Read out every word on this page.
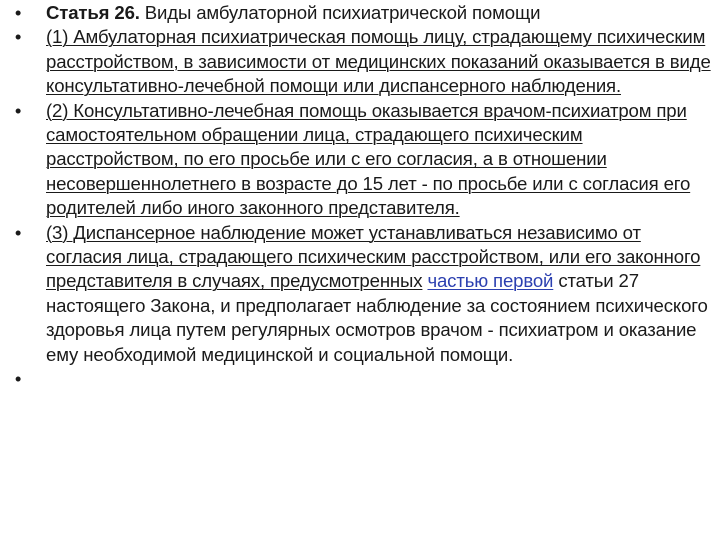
•	Статья 26. Виды амбулаторной психиатрической помощи
•	(1) Амбулаторная психиатрическая помощь лицу, страдающему психическим расстройством, в зависимости от медицинских показаний оказывается в виде консультативно-лечебной помощи или диспансерного наблюдения.
•	(2) Консультативно-лечебная помощь оказывается врачом-психиатром при самостоятельном обращении лица, страдающего психическим расстройством, по его просьбе или с его согласия, а в отношении несовершеннолетнего в возрасте до 15 лет - по просьбе или с согласия его родителей либо иного законного представителя.
•	(3) Диспансерное наблюдение может устанавливаться независимо от согласия лица, страдающего психическим расстройством, или его законного представителя в случаях, предусмотренных частью первой статьи 27 настоящего Закона, и предполагает наблюдение за состоянием психического здоровья лица путем регулярных осмотров врачом - психиатром и оказание ему необходимой медицинской и социальной помощи.
•
